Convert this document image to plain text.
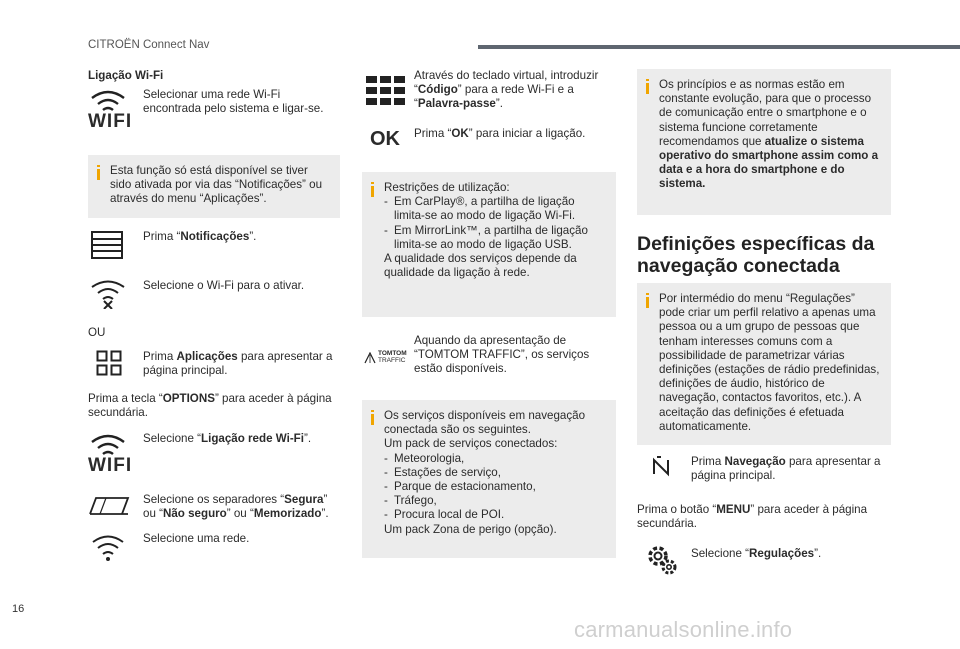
CITROËN Connect Nav
16
Ligação Wi-Fi
WIFI
Selecionar uma rede Wi-Fi encontrada pelo sistema e ligar-se.
Esta função só está disponível se tiver sido ativada por via das “Notificações” ou através do menu “Aplicações”.
Prima “Notificações”.
Selecione o Wi-Fi para o ativar.
OU
Prima Aplicações para apresentar a página principal.
Prima a tecla “OPTIONS” para aceder à página secundária.
WIFI
Selecione “Ligação rede Wi-Fi”.
Selecione os separadores “Segura” ou “Não seguro” ou “Memorizado”.
Selecione uma rede.
Através do teclado virtual, introduzir “Código” para a rede Wi-Fi e a “Palavra-passe”.
OK Prima “OK” para iniciar a ligação.
Restrições de utilização:
- Em CarPlay®, a partilha de ligação limita-se ao modo de ligação Wi-Fi.
- Em MirrorLink™, a partilha de ligação limita-se ao modo de ligação USB.
A qualidade dos serviços depende da qualidade da ligação à rede.
TOMTOM
TRAFFIC
Aquando da apresentação de “TOMTOM TRAFFIC”, os serviços estão disponíveis.
Os serviços disponíveis em navegação conectada são os seguintes.
Um pack de serviços conectados:
- Meteorologia,
- Estações de serviço,
- Parque de estacionamento,
- Tráfego,
- Procura local de POI.
Um pack Zona de perigo (opção).
Os princípios e as normas estão em constante evolução, para que o processo de comunicação entre o smartphone e o sistema funcione corretamente recomendamos que atualize o sistema operativo do smartphone assim como a data e a hora do smartphone e do sistema.
Definições específicas da navegação conectada
Por intermédio do menu “Regulações” pode criar um perfil relativo a apenas uma pessoa ou a um grupo de pessoas que tenham interesses comuns com a possibilidade de parametrizar várias definições (estações de rádio predefinidas, definições de áudio, histórico de navegação, contactos favoritos, etc.). A aceitação das definições é efetuada automaticamente.
Prima Navegação para apresentar a página principal.
Prima o botão “MENU” para aceder à página secundária.
Selecione “Regulações”.
carmanualsonline.info
